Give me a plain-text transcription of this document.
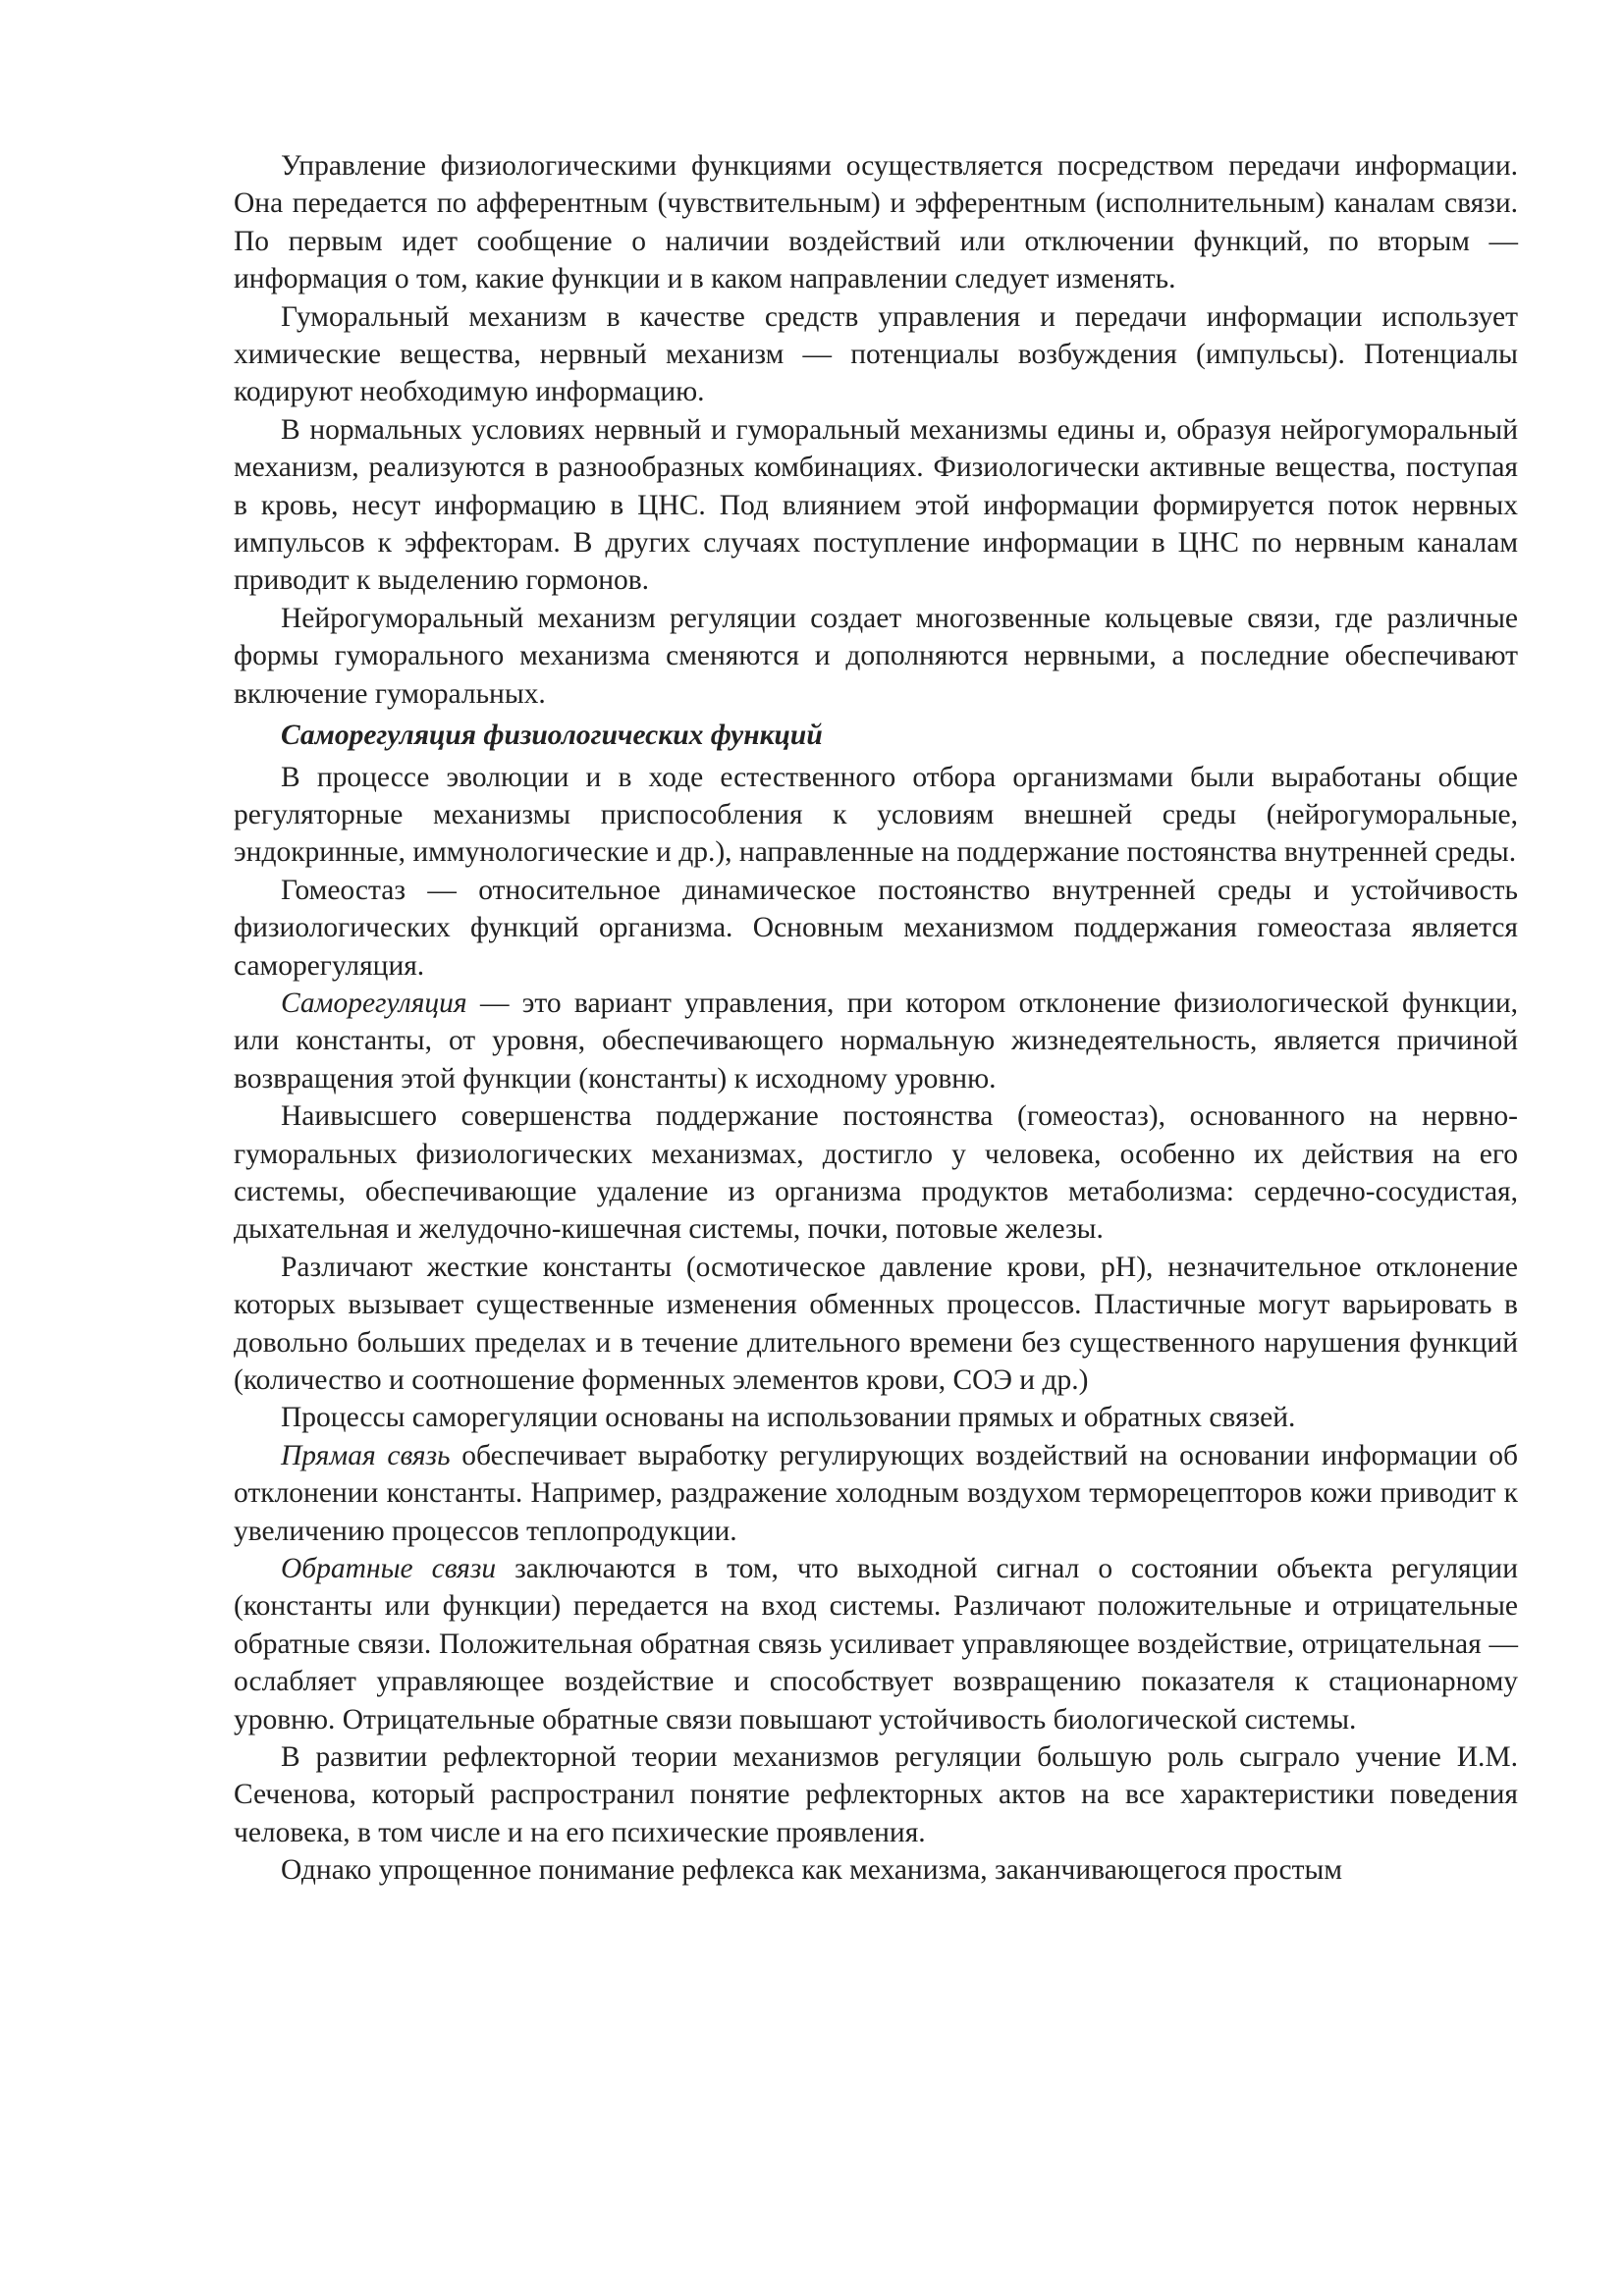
Управление физиологическими функциями осуществляется посредством передачи информации. Она передается по афферентным (чувствительным) и эфферентным (исполнительным) каналам связи. По первым идет сообщение о наличии воздействий или отключении функций, по вторым — информация о том, какие функции и в каком направлении следует изменять.

Гуморальный механизм в качестве средств управления и передачи информации использует химические вещества, нервный механизм — потенциалы возбуждения (импульсы). Потенциалы кодируют необходимую информацию.

В нормальных условиях нервный и гуморальный механизмы едины и, образуя нейрогуморальный механизм, реализуются в разнообразных комбинациях. Физиологически активные вещества, поступая в кровь, несут информацию в ЦНС. Под влиянием этой информации формируется поток нервных импульсов к эффекторам. В других случаях поступление информации в ЦНС по нервным каналам приводит к выделению гормонов.

Нейрогуморальный механизм регуляции создает многозвенные кольцевые связи, где различные формы гуморального механизма сменяются и дополняются нервными, а последние обеспечивают включение гуморальных.

Саморегуляция физиологических функций

В процессе эволюции и в ходе естественного отбора организмами были выработаны общие регуляторные механизмы приспособления к условиям внешней среды (нейрогуморальные, эндокринные, иммунологические и др.), направленные на поддержание постоянства внутренней среды.

Гомеостаз — относительное динамическое постоянство внутренней среды и устойчивость физиологических функций организма. Основным механизмом поддержания гомеостаза является саморегуляция.

Саморегуляция — это вариант управления, при котором отклонение физиологической функции, или константы, от уровня, обеспечивающего нормальную жизнедеятельность, является причиной возвращения этой функции (константы) к исходному уровню.

Наивысшего совершенства поддержание постоянства (гомеостаз), основанного на нервно-гуморальных физиологических механизмах, достигло у человека, особенно их действия на его системы, обеспечивающие удаление из организма продуктов метаболизма: сердечно-сосудистая, дыхательная и желудочно-кишечная системы, почки, потовые железы.

Различают жесткие константы (осмотическое давление крови, pH), незначительное отклонение которых вызывает существенные изменения обменных процессов. Пластичные могут варьировать в довольно больших пределах и в течение длительного времени без существенного нарушения функций (количество и соотношение форменных элементов крови, СОЭ и др.)

Процессы саморегуляции основаны на использовании прямых и обратных связей.

Прямая связь обеспечивает выработку регулирующих воздействий на основании информации об отклонении константы. Например, раздражение холодным воздухом терморецепторов кожи приводит к увеличению процессов теплопродукции.

Обратные связи заключаются в том, что выходной сигнал о состоянии объекта регуляции (константы или функции) передается на вход системы. Различают положительные и отрицательные обратные связи. Положительная обратная связь усиливает управляющее воздействие, отрицательная — ослабляет управляющее воздействие и способствует возвращению показателя к стационарному уровню. Отрицательные обратные связи повышают устойчивость биологической системы.

В развитии рефлекторной теории механизмов регуляции большую роль сыграло учение И.М. Сеченова, который распространил понятие рефлекторных актов на все характеристики поведения человека, в том числе и на его психические проявления.

Однако упрощенное понимание рефлекса как механизма, заканчивающегося простым
